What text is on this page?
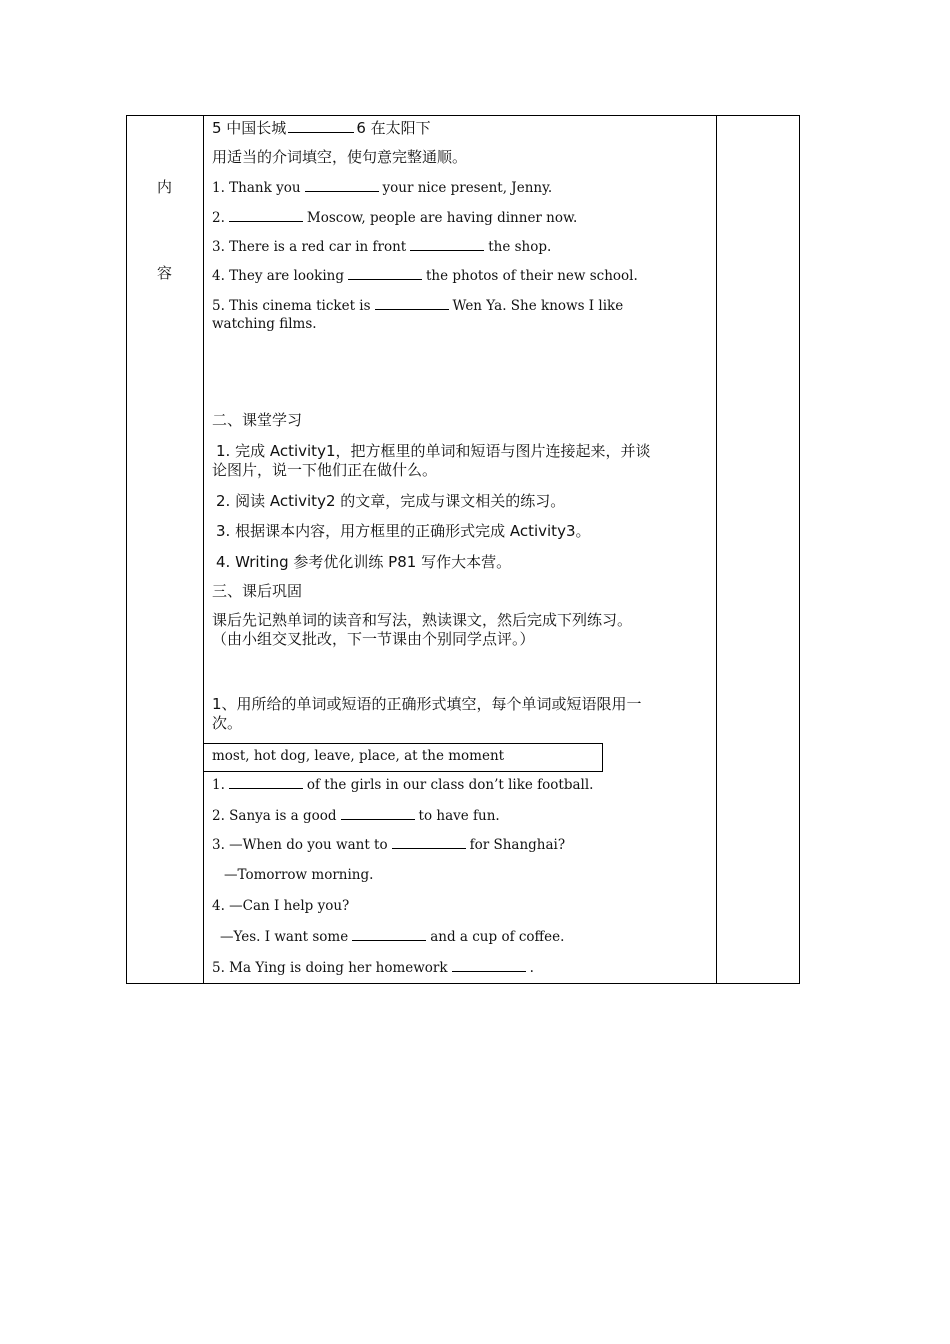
内
容
5 中国长城	6 在太阳下
用适当的介词填空，使句意完整通顺。
1. Thank you	your nice present, Jenny.
2.	Moscow, people are having dinner now.
3. There is a red car in front	the shop.
4. They are looking	the photos of their new school.
5. This cinema ticket is	Wen Ya. She knows I like
watching films.
二、课堂学习
1. 完成 Activity1，把方框里的单词和短语与图片连接起来，并谈
论图片，说一下他们正在做什么。
2. 阅读 Activity2 的文章，完成与课文相关的练习。
3. 根据课本内容，用方框里的正确形式完成 Activity3。
4. Writing 参考优化训练 P81 写作大本营。
三、课后巩固
课后先记熟单词的读音和写法，熟读课文，然后完成下列练习。
（由小组交叉批改，下一节课由个别同学点评。）
1、用所给的单词或短语的正确形式填空，每个单词或短语限用一
次。
most, hot dog, leave, place, at the moment
1.	of the girls in our class don’t like football.
2. Sanya is a good	to have fun.
3. —When do you want to	for Shanghai?
—Tomorrow morning.
4. —Can I help you?
—Yes. I want some	and a cup of coffee.
5. Ma Ying is doing her homework	.
